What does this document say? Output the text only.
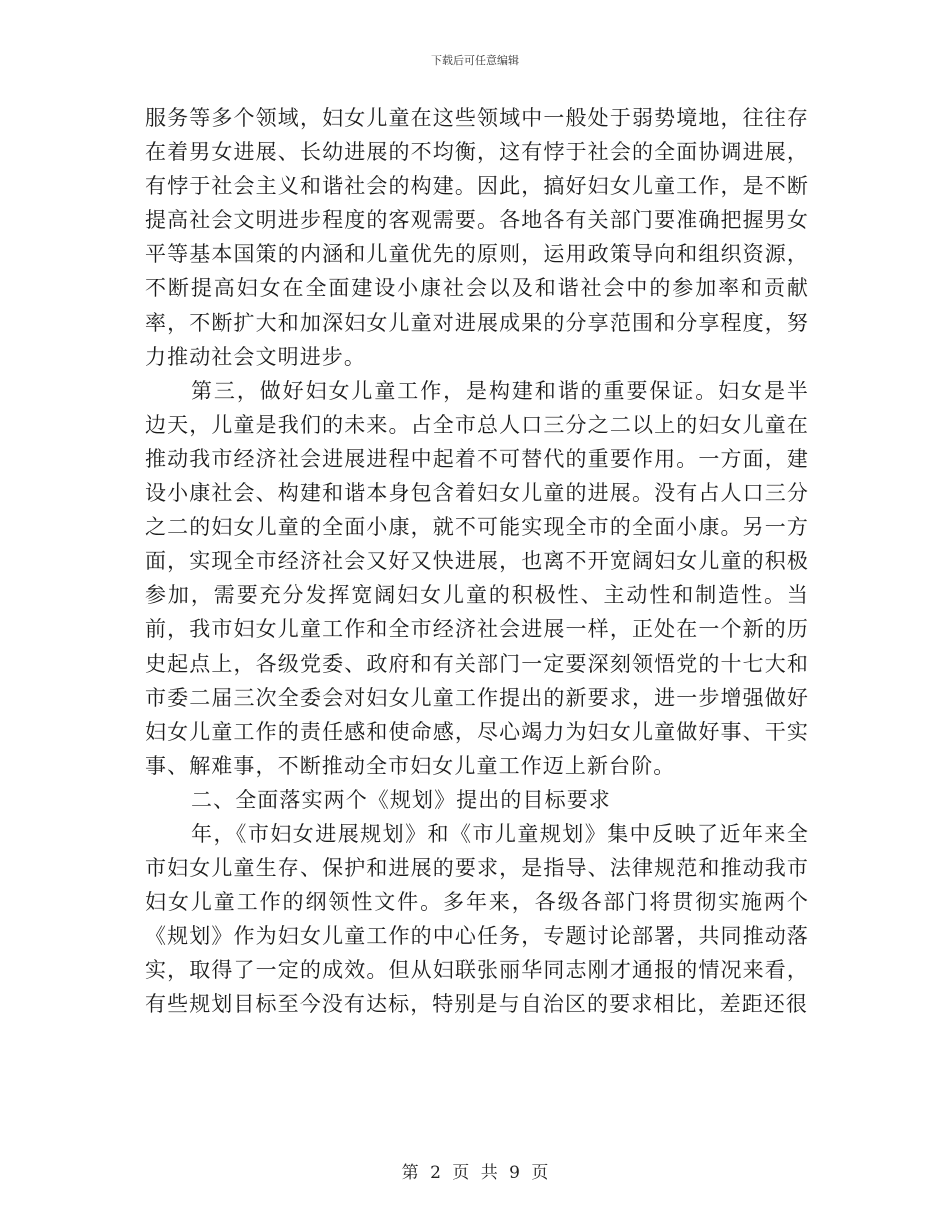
下载后可任意编辑

服务等多个领域，妇女儿童在这些领域中一般处于弱势境地，往往存在着男女进展、长幼进展的不均衡，这有悖于社会的全面协调进展，有悖于社会主义和谐社会的构建。因此，搞好妇女儿童工作，是不断提高社会文明进步程度的客观需要。各地各有关部门要准确把握男女平等基本国策的内涵和儿童优先的原则，运用政策导向和组织资源，不断提高妇女在全面建设小康社会以及和谐社会中的参加率和贡献率，不断扩大和加深妇女儿童对进展成果的分享范围和分享程度，努力推动社会文明进步。

第三，做好妇女儿童工作，是构建和谐的重要保证。妇女是半边天，儿童是我们的未来。占全市总人口三分之二以上的妇女儿童在推动我市经济社会进展进程中起着不可替代的重要作用。一方面，建设小康社会、构建和谐本身包含着妇女儿童的进展。没有占人口三分之二的妇女儿童的全面小康，就不可能实现全市的全面小康。另一方面，实现全市经济社会又好又快进展，也离不开宽阔妇女儿童的积极参加，需要充分发挥宽阔妇女儿童的积极性、主动性和制造性。当前，我市妇女儿童工作和全市经济社会进展一样，正处在一个新的历史起点上，各级党委、政府和有关部门一定要深刻领悟党的十七大和市委二届三次全委会对妇女儿童工作提出的新要求，进一步增强做好妇女儿童工作的责任感和使命感，尽心竭力为妇女儿童做好事、干实事、解难事，不断推动全市妇女儿童工作迈上新台阶。

二、全面落实两个《规划》提出的目标要求

年，《市妇女进展规划》和《市儿童规划》集中反映了近年来全市妇女儿童生存、保护和进展的要求，是指导、法律规范和推动我市妇女儿童工作的纲领性文件。多年来，各级各部门将贯彻实施两个《规划》作为妇女儿童工作的中心任务，专题讨论部署，共同推动落实，取得了一定的成效。但从妇联张丽华同志刚才通报的情况来看，有些规划目标至今没有达标，特别是与自治区的要求相比，差距还很

第 2 页 共 9 页
